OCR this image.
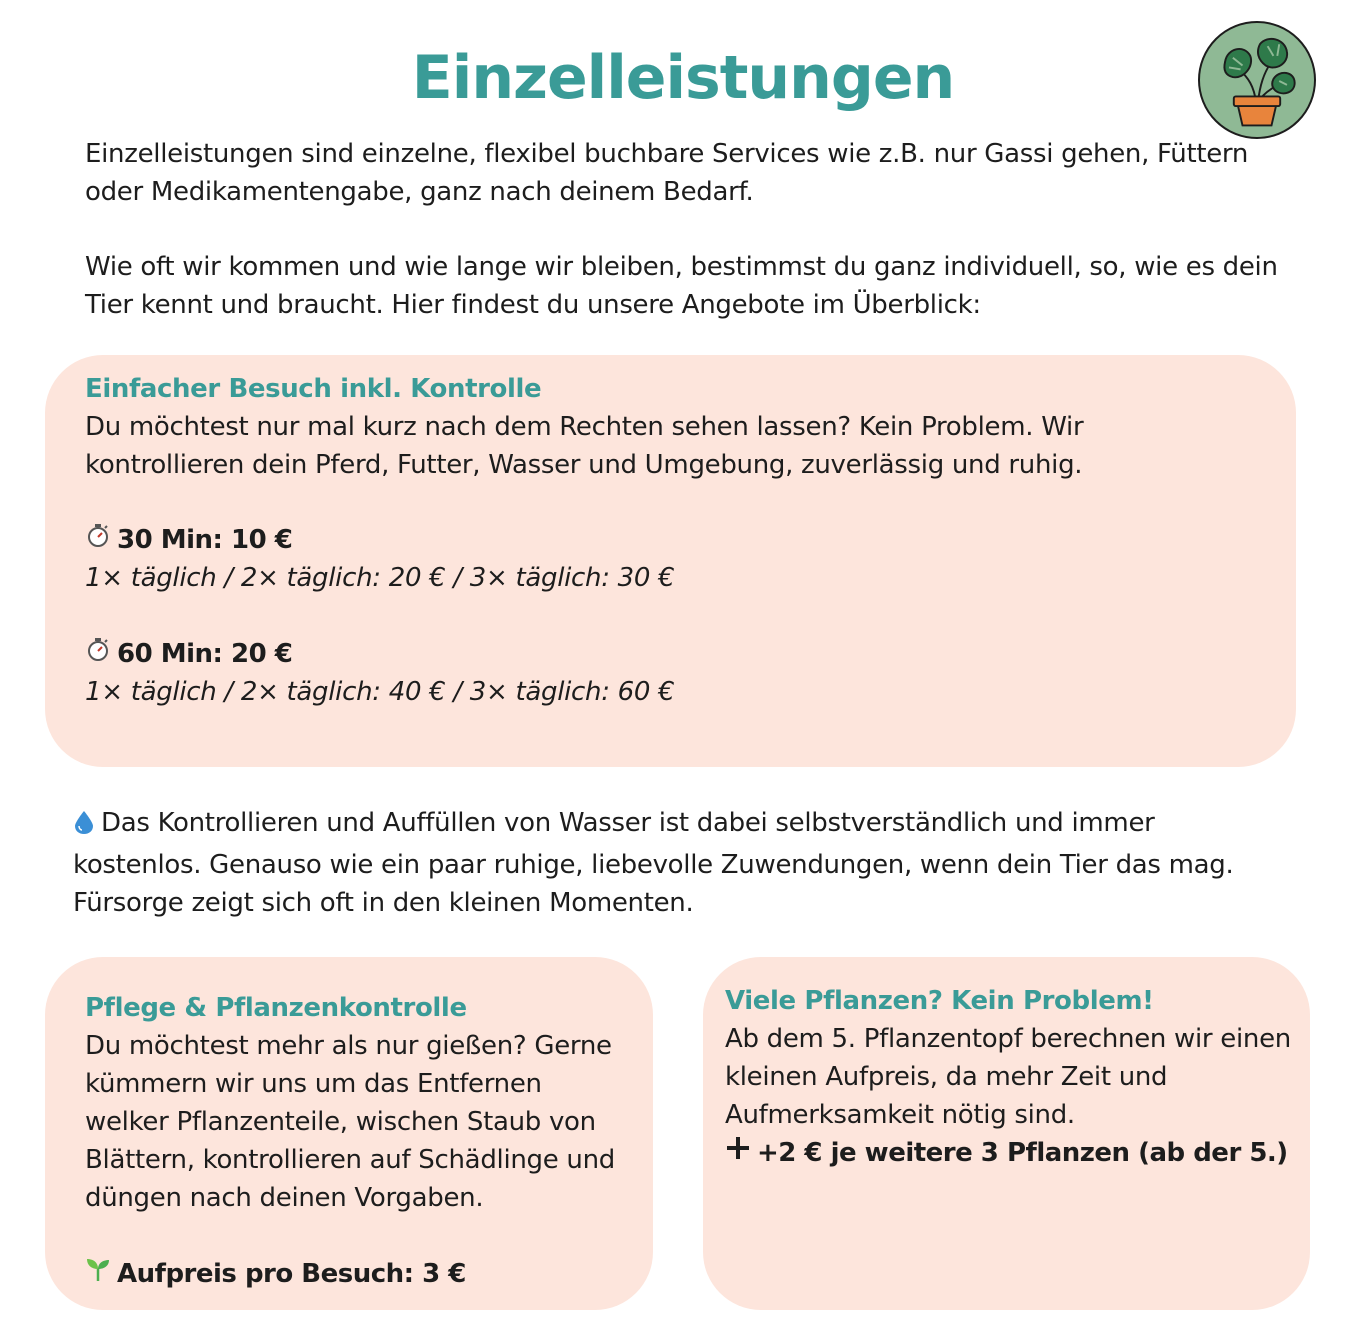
Einzelleistungen

Einzelleistungen sind einzelne, flexibel buchbare Services wie z.B. nur Gassi gehen, Füttern oder Medikamentengabe, ganz nach deinem Bedarf.

Wie oft wir kommen und wie lange wir bleiben, bestimmst du ganz individuell, so, wie es dein Tier kennt und braucht. Hier findest du unsere Angebote im Überblick:

Einfacher Besuch inkl. Kontrolle

Du möchtest nur mal kurz nach dem Rechten sehen lassen? Kein Problem. Wir kontrollieren dein Pferd, Futter, Wasser und Umgebung, zuverlässig und ruhig.

30 Min: 10 €
1× täglich / 2× täglich: 20 € / 3× täglich: 30 €
60 Min: 20 €
1× täglich / 2× täglich: 40 € / 3× täglich: 60 €

Das Kontrollieren und Auffüllen von Wasser ist dabei selbstverständlich und immer kostenlos. Genauso wie ein paar ruhige, liebevolle Zuwendungen, wenn dein Tier das mag. Fürsorge zeigt sich oft in den kleinen Momenten.

Pflege & Pflanzenkontrolle

Du möchtest mehr als nur gießen? Gerne kümmern wir uns um das Entfernen welker Pflanzenteile, wischen Staub von Blättern, kontrollieren auf Schädlinge und düngen nach deinen Vorgaben.

Aufpreis pro Besuch: 3 €
Viele Pflanzen? Kein Problem!

Ab dem 5. Pflanzentopf berechnen wir einen kleinen Aufpreis, da mehr Zeit und Aufmerksamkeit nötig sind.

+2 € je weitere 3 Pflanzen (ab der 5.)
